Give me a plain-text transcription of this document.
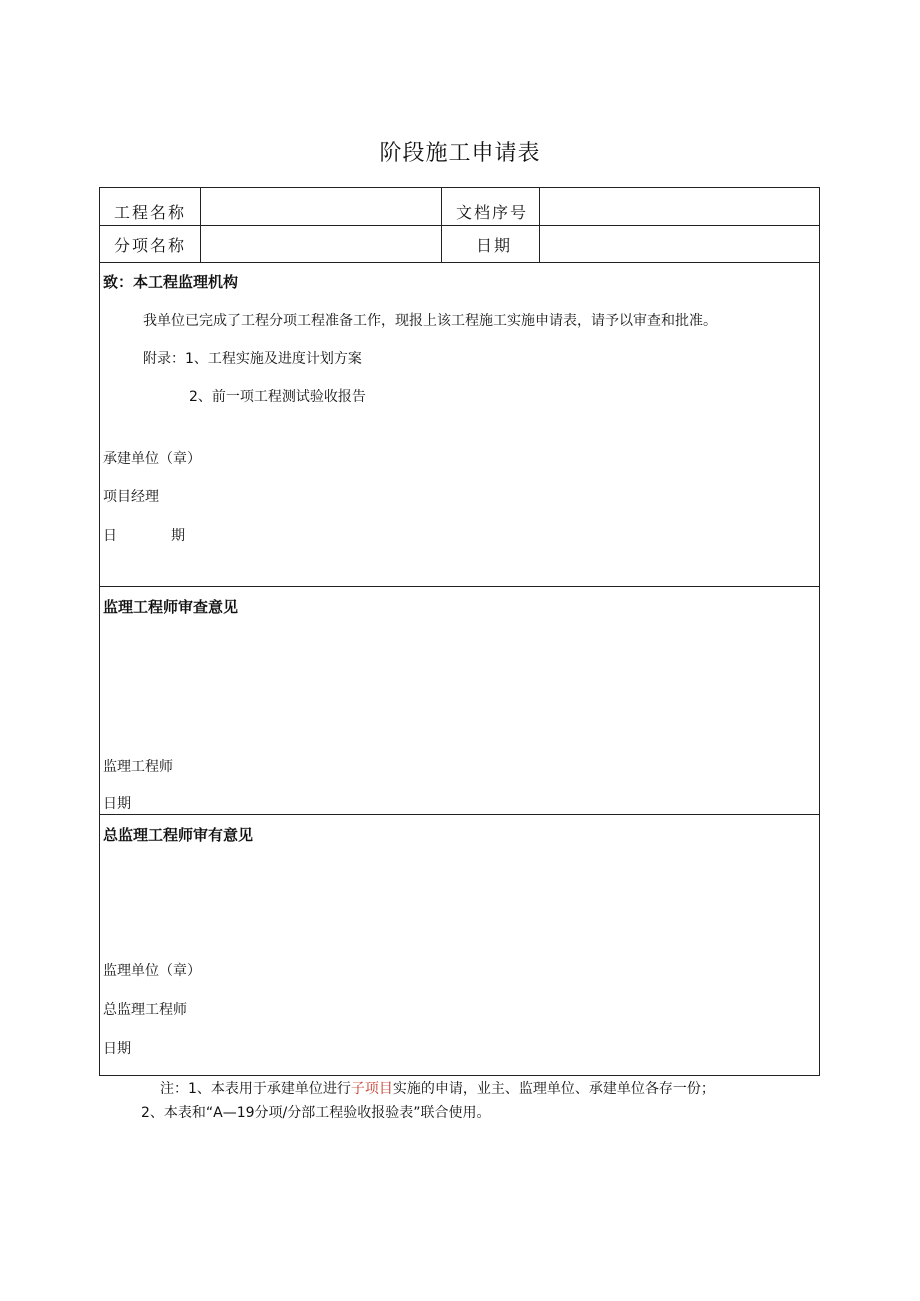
阶段施工申请表
工程名称	文档序号
分项名称	日期
致：本工程监理机构
我单位已完成了工程分项工程准备工作，现报上该工程施工实施申请表，请予以审查和批准。
附录：1、工程实施及进度计划方案
2、前一项工程测试验收报告
承建单位（章）
项目经理
日	期
监理工程师审查意见
监理工程师
日期
总监理工程师审有意见
监理单位（章）
总监理工程师
日期
注：1、本表用于承建单位进行子项目实施的申请，业主、监理单位、承建单位各存一份；
2、本表和“A—19分项/分部工程验收报验表”联合使用。
